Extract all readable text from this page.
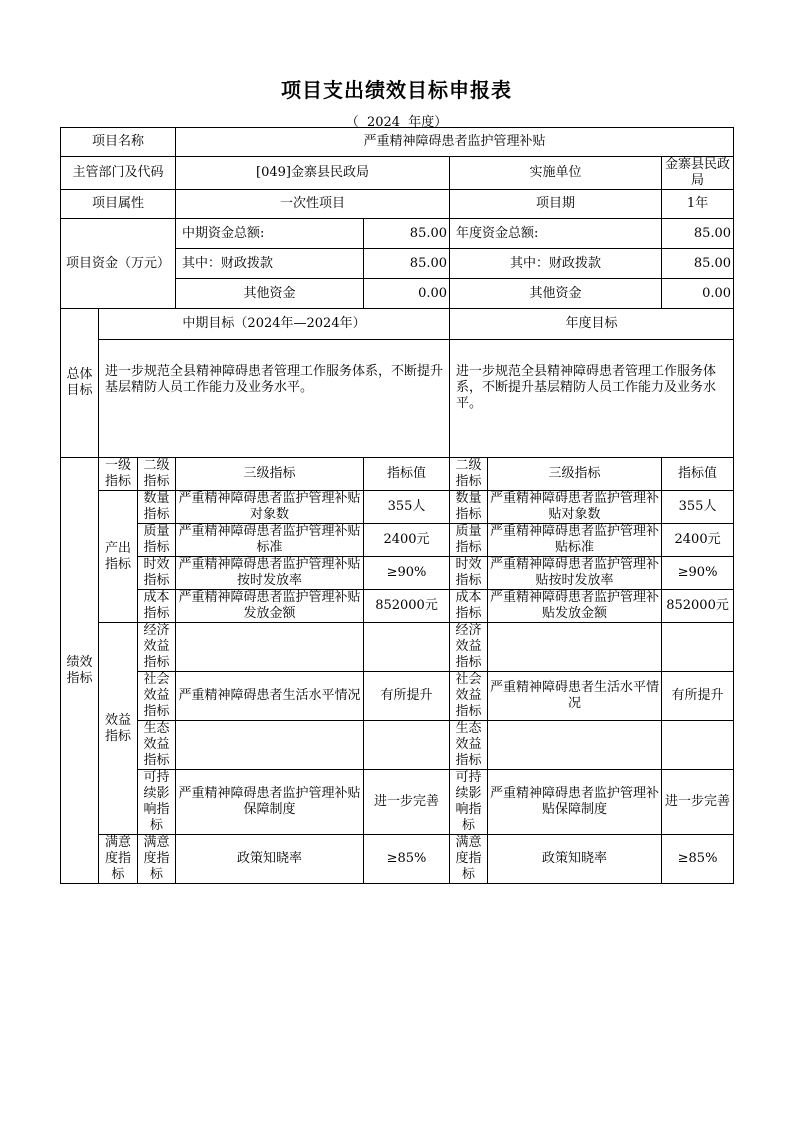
项目支出绩效目标申报表
（  2024  年度）
项目名称			严重精神障碍患者监护管理补贴				
主管部门及代码			[049]金寨县民政局		实施单位		金寨县民政局
项目属性			一次性项目		项目期		1年
项目资金（万元）			中期资金总额:	85.00	年度资金总额:		85.00
			其中：财政拨款	85.00	其中：财政拨款		85.00
			其他资金	0.00	其他资金		0.00
总体目标	中期目标（2024年—2024年）				年度目标		
	进一步规范全县精神障碍患者管理工作服务体系，不断提升基层精防人员工作能力及业务水平。				进一步规范全县精神障碍患者管理工作服务体系，不断提升基层精防人员工作能力及业务水平。		
绩效指标	一级指标	二级指标	三级指标	指标值	二级指标	三级指标	指标值
	产出指标	数量指标	严重精神障碍患者监护管理补贴对象数	355人	数量指标	严重精神障碍患者监护管理补贴对象数	355人
		质量指标	严重精神障碍患者监护管理补贴标准	2400元	质量指标	严重精神障碍患者监护管理补贴标准	2400元
		时效指标	严重精神障碍患者监护管理补贴按时发放率	≥90%	时效指标	严重精神障碍患者监护管理补贴按时发放率	≥90%
		成本指标	严重精神障碍患者监护管理补贴发放金额	852000元	成本指标	严重精神障碍患者监护管理补贴发放金额	852000元
	效益指标	经济效益指标			经济效益指标		
		社会效益指标	严重精神障碍患者生活水平情况	有所提升	社会效益指标	严重精神障碍患者生活水平情况	有所提升
		生态效益指标			生态效益指标		
		可持续影响指标	严重精神障碍患者监护管理补贴保障制度	进一步完善	可持续影响指标	严重精神障碍患者监护管理补贴保障制度	进一步完善
	满意度指标	满意度指标	政策知晓率	≥85%	满意度指标	政策知晓率	≥85%
